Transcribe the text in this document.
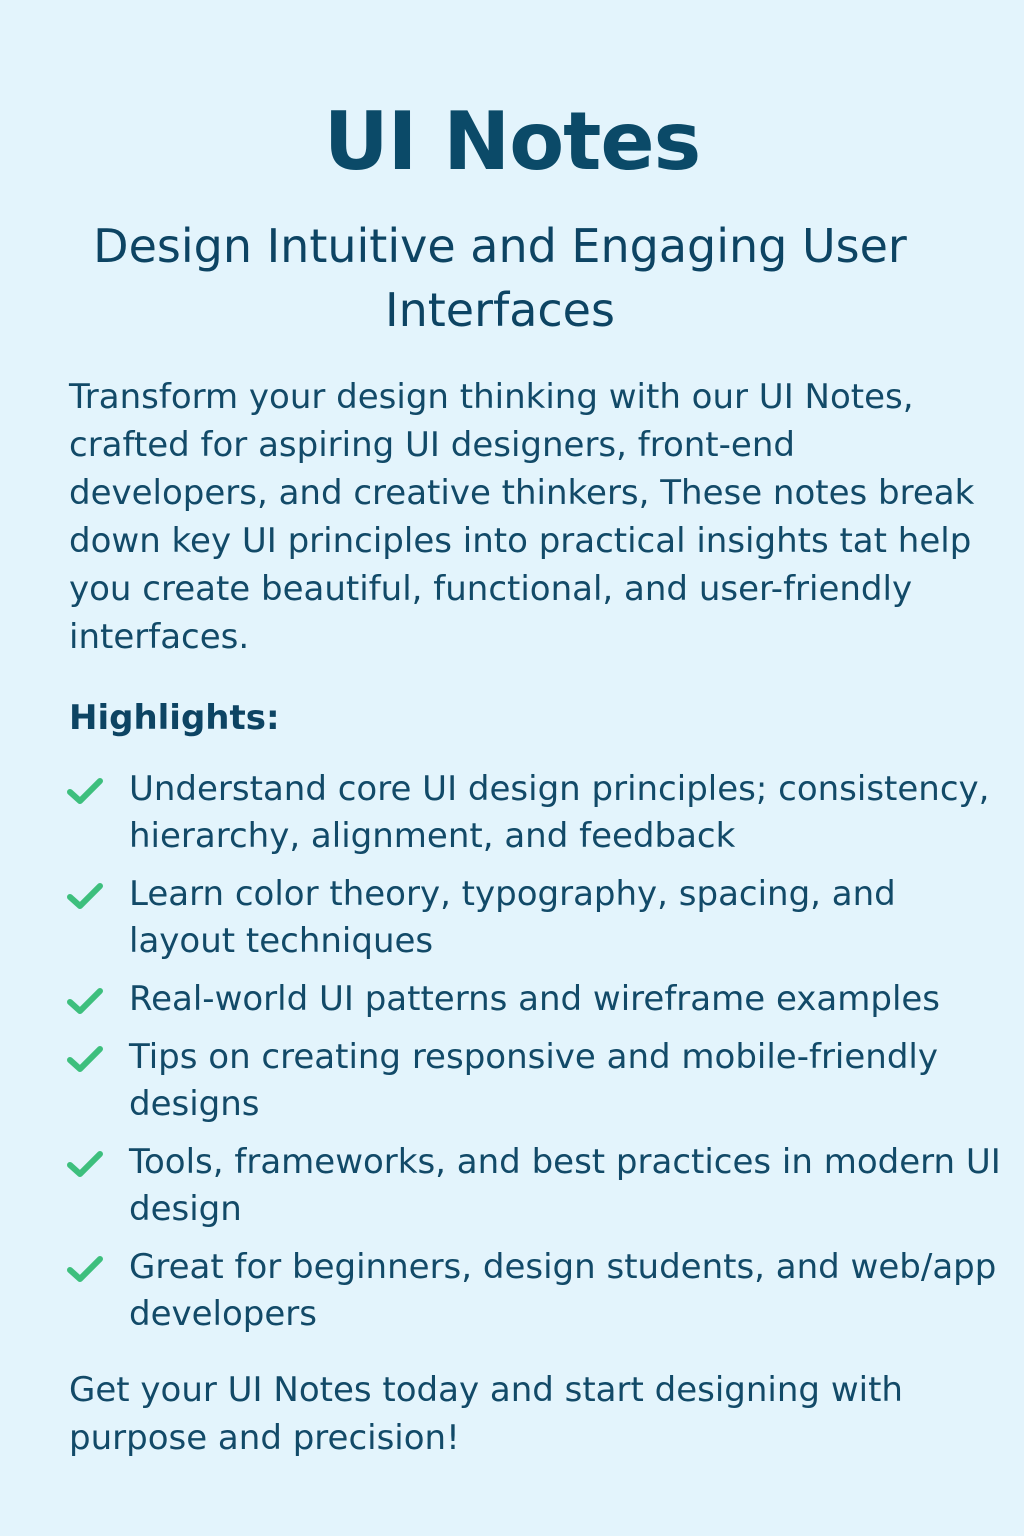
UI Notes
Design Intuitive and Engaging User Interfaces

Transform your design thinking with our UI Notes, crafted for aspiring UI designers, front-end developers, and creative thinkers, These notes break down key UI principles into practical insights tat help you create beautiful, functional, and user-friendly interfaces.

Highlights:
Understand core UI design principles; consistency, hierarchy, alignment, and feedback
Learn color theory, typography, spacing, and layout techniques
Real-world UI patterns and wireframe examples
Tips on creating responsive and mobile-friendly designs
Tools, frameworks, and best practices in modern UI design
Great for beginners, design students, and web/app developers

Get your UI Notes today and start designing with purpose and precision!
